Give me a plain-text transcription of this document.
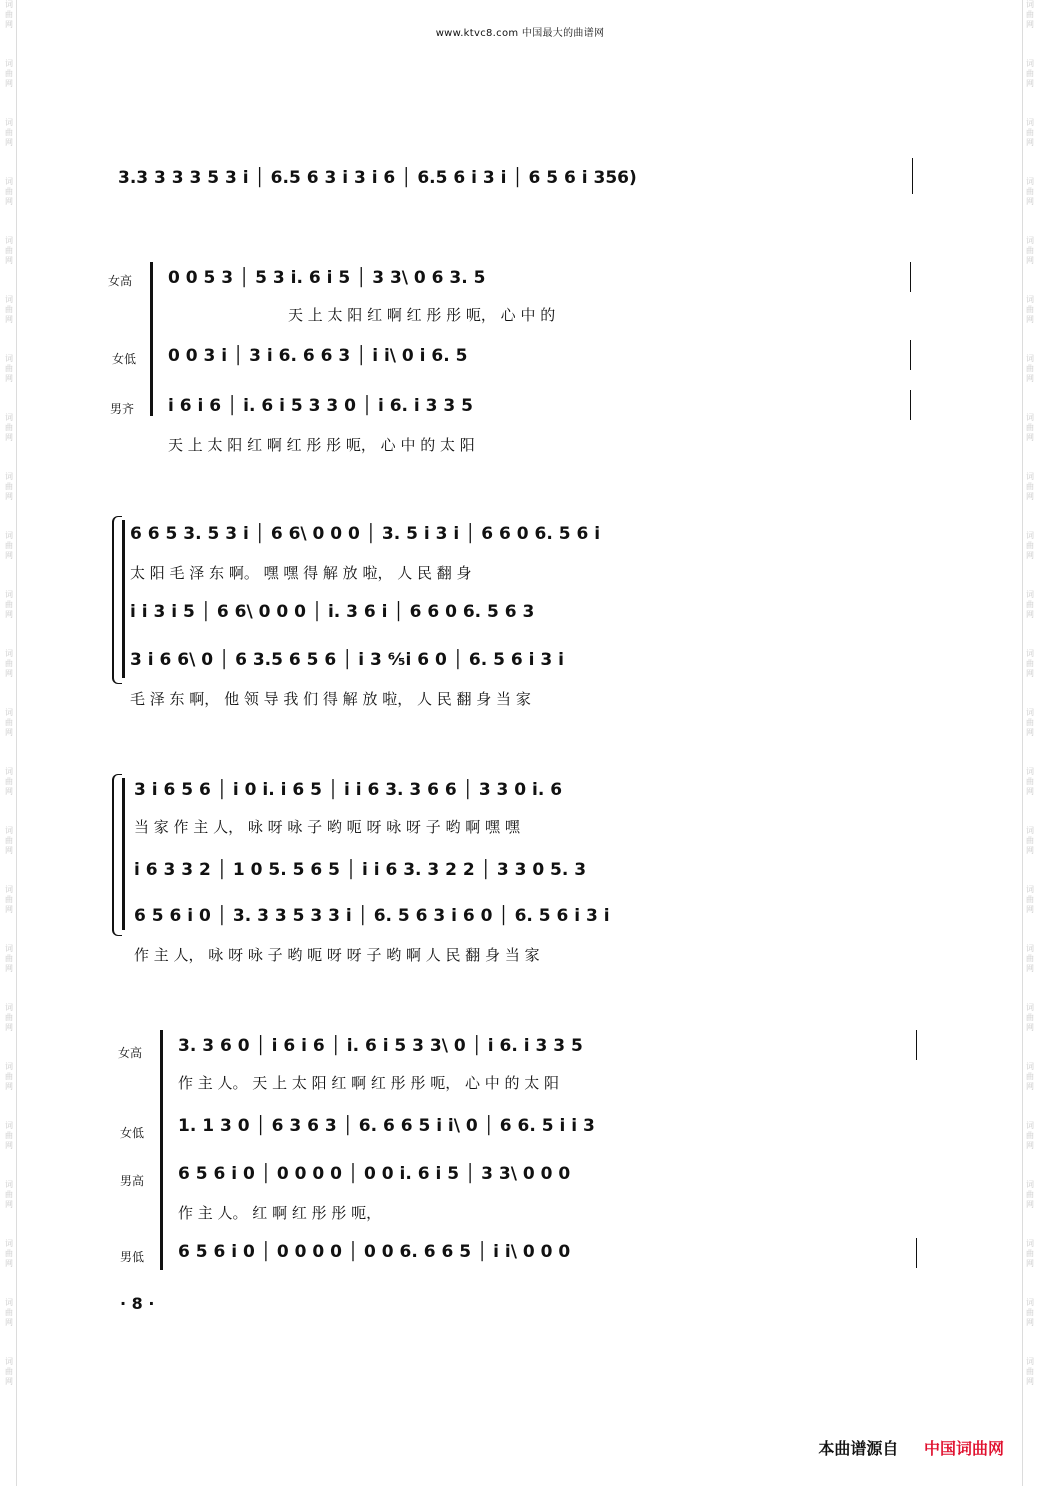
词
曲
网
词
曲
网
词
曲
网
词
曲
网
词
曲
网
词
曲
网
词
曲
网
词
曲
网
词
曲
网
词
曲
网
词
曲
网
词
曲
网
词
曲
网
词
曲
网
词
曲
网
词
曲
网
词
曲
网
词
曲
网
词
曲
网
词
曲
网
词
曲
网
词
曲
网
词
曲
网
词
曲
网
词
曲
网
词
曲
网
词
曲
网
词
曲
网
词
曲
网
词
曲
网
词
曲
网
词
曲
网
词
曲
网
词
曲
网
词
曲
网
词
曲
网
词
曲
网
词
曲
网
词
曲
网
词
曲
网
词
曲
网
词
曲
网
词
曲
网
词
曲
网
词
曲
网
词
曲
网
词
曲
网
词
曲
网
www.ktvc8.com 中国最大的曲谱网
3.3 3 3 3 5 3 i │ 6.5 6 3 i 3 i 6 │ 6.5 6 i 3 i │ 6 5 6 i 356)
女高
女低
男齐
0 0 5 3 │ 5 3 i. 6 i 5 │ 3 3\ 0 6 3. 5
天 上 太 阳 红 啊 红 彤 彤 呃， 心 中 的
0 0 3 i │ 3 i 6. 6 6 3 │ i i\ 0 i 6. 5
i 6 i 6 │ i. 6 i 5 3 3 0 │ i 6. i 3 3 5
天 上 太 阳 红 啊 红 彤 彤 呃， 心 中 的 太 阳
6 6 5 3. 5 3 i │ 6 6\ 0 0 0 │ 3. 5 i 3 i │ 6 6 0 6. 5 6 i
太 阳 毛 泽 东 啊。 嘿 嘿 得 解 放 啦， 人 民 翻 身
i i 3 i 5 │ 6 6\ 0 0 0 │ i. 3 6 i │ 6 6 0 6. 5 6 3
3 i 6 6\ 0 │ 6 3.5 6 5 6 │ i 3 ⁶⁄₅i 6 0 │ 6. 5 6 i 3 i
毛 泽 东 啊， 他 领 导 我 们 得 解 放 啦， 人 民 翻 身 当 家
3 i 6 5 6 │ i 0 i. i 6 5 │ i i 6 3. 3 6 6 │ 3 3 0 i. 6
当 家 作 主 人， 咏 呀 咏 子 哟 呃 呀 咏 呀 子 哟 啊 嘿 嘿
i 6 3 3 2 │ 1 0 5. 5 6 5 │ i i 6 3. 3 2 2 │ 3 3 0 5. 3
6 5 6 i 0 │ 3. 3 3 5 3 3 i │ 6. 5 6 3 i 6 0 │ 6. 5 6 i 3 i
作 主 人， 咏 呀 咏 子 哟 呃 呀 呀 子 哟 啊 人 民 翻 身 当 家
女高
女低
男高
男低
3. 3 6 0 │ i 6 i 6 │ i. 6 i 5 3 3\ 0 │ i 6. i 3 3 5
作 主 人。 天 上 太 阳 红 啊 红 彤 彤 呃， 心 中 的 太 阳
1. 1 3 0 │ 6 3 6 3 │ 6. 6 6 5 i i\ 0 │ 6 6. 5 i i 3
6 5 6 i 0 │ 0 0 0 0 │ 0 0 i. 6 i 5 │ 3 3\ 0 0 0
作 主 人。 红 啊 红 彤 彤 呃，
6 5 6 i 0 │ 0 0 0 0 │ 0 0 6. 6 6 5 │ i i\ 0 0 0
· 8 ·
本曲谱源自 中国词曲网
